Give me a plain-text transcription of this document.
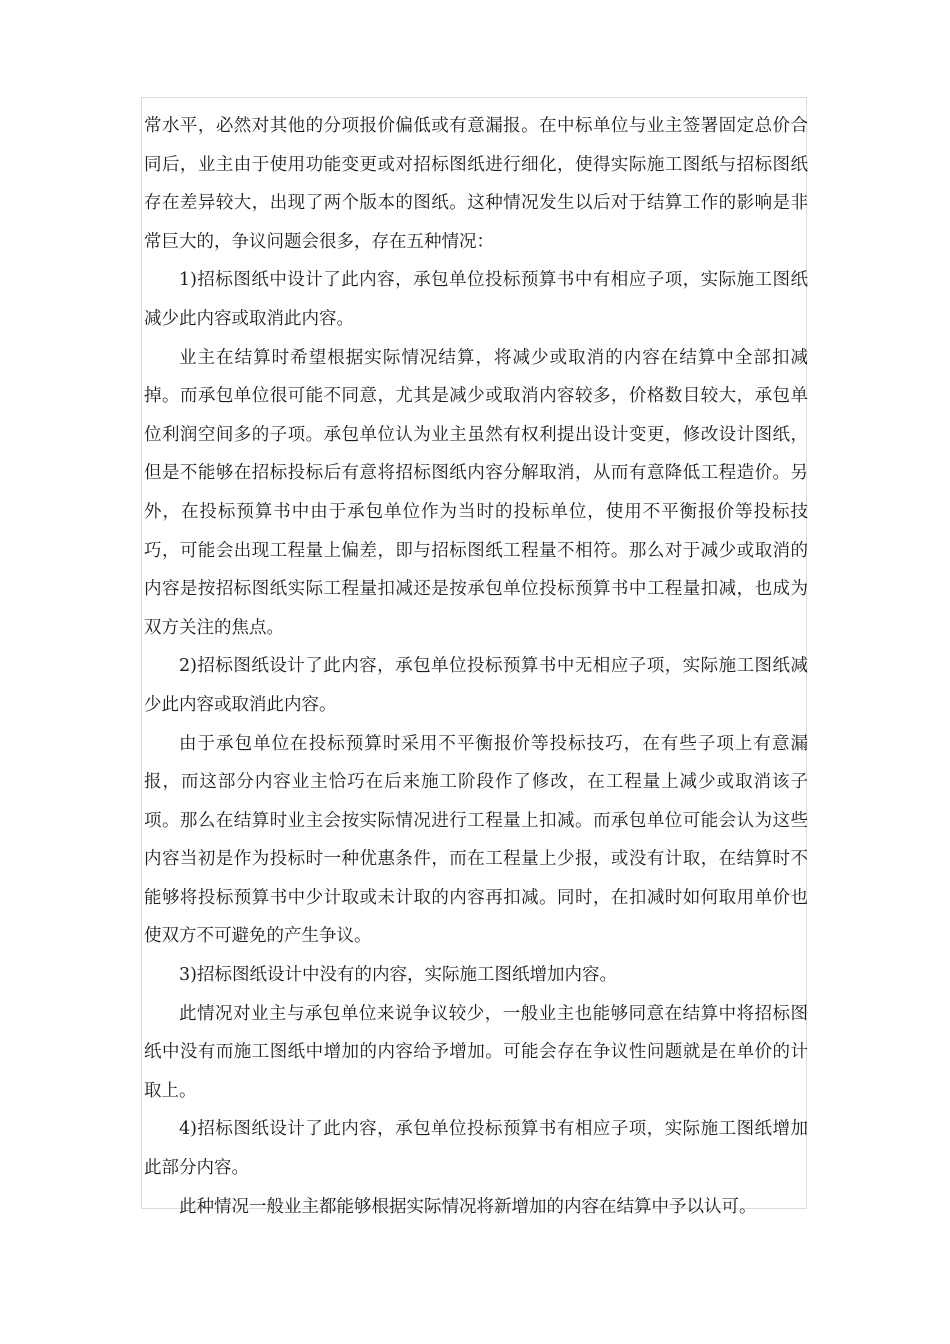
常水平，必然对其他的分项报价偏低或有意漏报。在中标单位与业主签署固定总价合同后，业主由于使用功能变更或对招标图纸进行细化，使得实际施工图纸与招标图纸存在差异较大，出现了两个版本的图纸。这种情况发生以后对于结算工作的影响是非常巨大的，争议问题会很多，存在五种情况：

1)招标图纸中设计了此内容，承包单位投标预算书中有相应子项，实际施工图纸减少此内容或取消此内容。

业主在结算时希望根据实际情况结算，将减少或取消的内容在结算中全部扣减掉。而承包单位很可能不同意，尤其是减少或取消内容较多，价格数目较大，承包单位利润空间多的子项。承包单位认为业主虽然有权利提出设计变更，修改设计图纸，但是不能够在招标投标后有意将招标图纸内容分解取消，从而有意降低工程造价。另外，在投标预算书中由于承包单位作为当时的投标单位，使用不平衡报价等投标技巧，可能会出现工程量上偏差，即与招标图纸工程量不相符。那么对于减少或取消的内容是按招标图纸实际工程量扣减还是按承包单位投标预算书中工程量扣减，也成为双方关注的焦点。

2)招标图纸设计了此内容，承包单位投标预算书中无相应子项，实际施工图纸减少此内容或取消此内容。

由于承包单位在投标预算时采用不平衡报价等投标技巧，在有些子项上有意漏报，而这部分内容业主恰巧在后来施工阶段作了修改，在工程量上减少或取消该子项。那么在结算时业主会按实际情况进行工程量上扣减。而承包单位可能会认为这些内容当初是作为投标时一种优惠条件，而在工程量上少报，或没有计取，在结算时不能够将投标预算书中少计取或未计取的内容再扣减。同时，在扣减时如何取用单价也使双方不可避免的产生争议。

3)招标图纸设计中没有的内容，实际施工图纸增加内容。

此情况对业主与承包单位来说争议较少，一般业主也能够同意在结算中将招标图纸中没有而施工图纸中增加的内容给予增加。可能会存在争议性问题就是在单价的计取上。

4)招标图纸设计了此内容，承包单位投标预算书有相应子项，实际施工图纸增加此部分内容。

此种情况一般业主都能够根据实际情况将新增加的内容在结算中予以认可。
